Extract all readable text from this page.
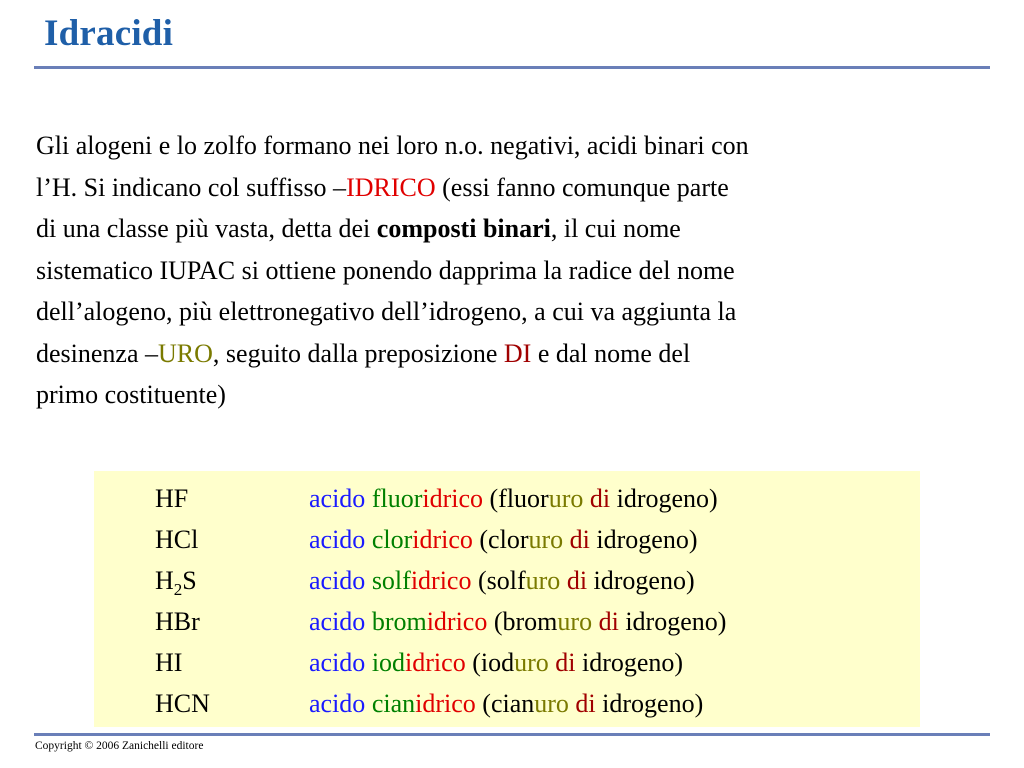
Idracidi
Gli alogeni e lo zolfo formano nei loro n.o. negativi, acidi binari con
l’H. Si indicano col suffisso –IDRICO (essi fanno comunque parte
di una classe più vasta, detta dei composti binari, il cui nome
sistematico IUPAC si ottiene ponendo dapprima la radice del nome
dell’alogeno, più elettronegativo dell’idrogeno, a cui va aggiunta la
desinenza –URO, seguito dalla preposizione DI e dal nome del
primo costituente)
HF	acido fluoridrico (fluoruro di idrogeno)
HCl	acido cloridrico (cloruro di idrogeno)
$H_2S$	acido solfidrico (solfuro di idrogeno)
HBr	acido bromidrico (bromuro di idrogeno)
HI	acido iodidrico (ioduro di idrogeno)
HCN	acido cianidrico (cianuro di idrogeno)
Copyright © 2006 Zanichelli editore
